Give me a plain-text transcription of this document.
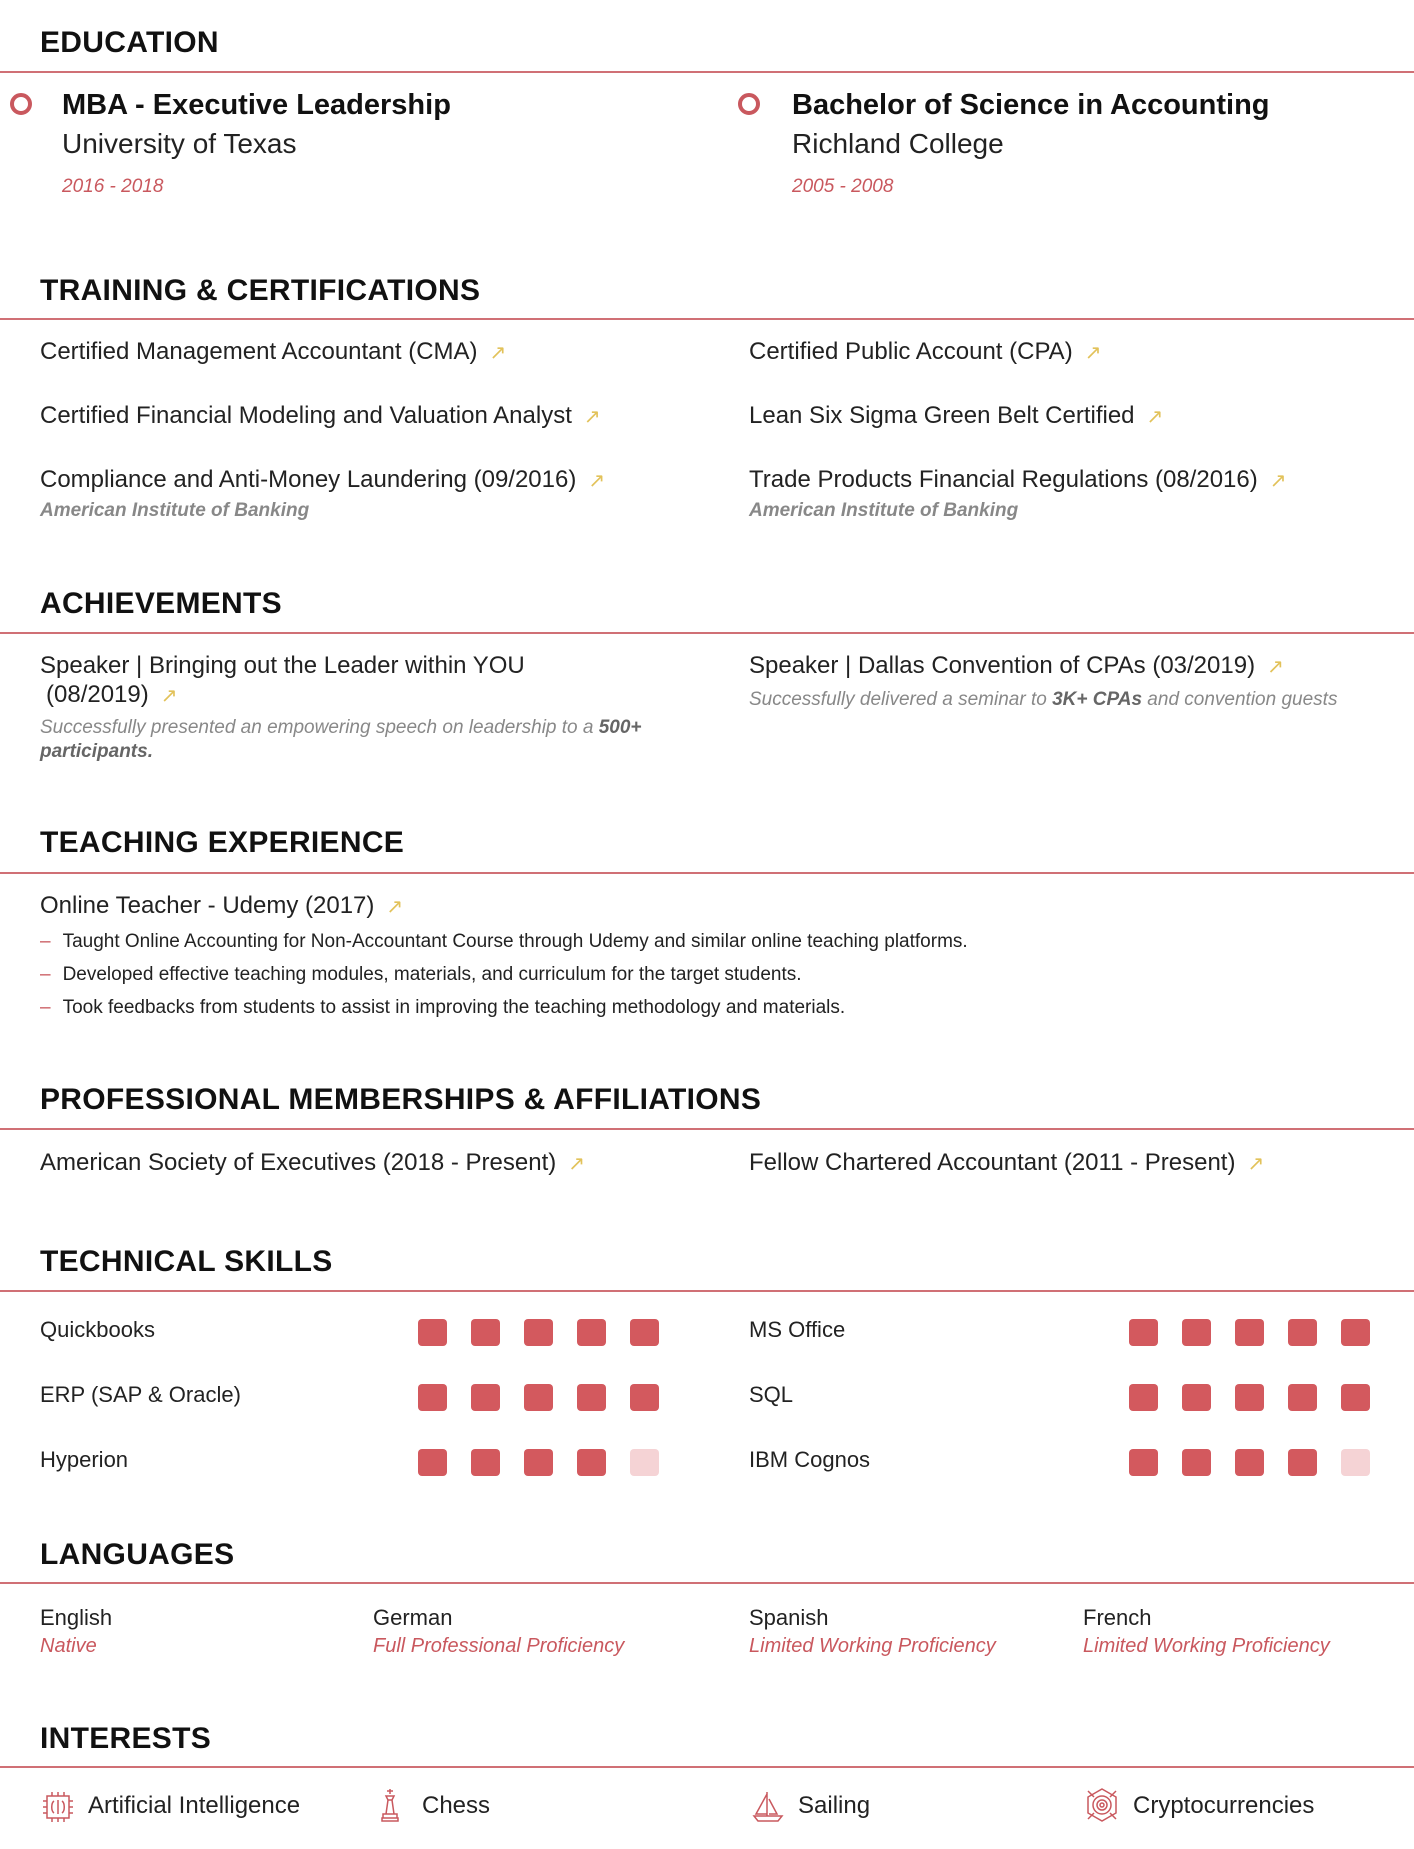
EDUCATION
MBA - Executive Leadership
University of Texas
2016 - 2018
Bachelor of Science in Accounting
Richland College
2005 - 2008
TRAINING & CERTIFICATIONS
Certified Management Accountant (CMA) ↗	Certified Public Account (CPA) ↗
Certified Financial Modeling and Valuation Analyst ↗	Lean Six Sigma Green Belt Certified ↗
Compliance and Anti-Money Laundering (09/2016) ↗
American Institute of Banking
Trade Products Financial Regulations (08/2016) ↗
American Institute of Banking
ACHIEVEMENTS
Speaker | Bringing out the Leader within YOU
(08/2019) ↗
Successfully presented an empowering speech on leadership to a 500+ participants.
Speaker | Dallas Convention of CPAs (03/2019) ↗
Successfully delivered a seminar to 3K+ CPAs and convention guests
TEACHING EXPERIENCE
Online Teacher - Udemy (2017) ↗
– Taught Online Accounting for Non-Accountant Course through Udemy and similar online teaching platforms.
– Developed effective teaching modules, materials, and curriculum for the target students.
– Took feedbacks from students to assist in improving the teaching methodology and materials.
PROFESSIONAL MEMBERSHIPS & AFFILIATIONS
American Society of Executives (2018 - Present) ↗	Fellow Chartered Accountant (2011 - Present) ↗
TECHNICAL SKILLS
Quickbooks	MS Office
ERP (SAP & Oracle)	SQL
Hyperion	IBM Cognos
LANGUAGES
English
Native
German
Full Professional Proficiency
Spanish
Limited Working Proficiency
French
Limited Working Proficiency
INTERESTS
Artificial Intelligence	Chess	Sailing	Cryptocurrencies
